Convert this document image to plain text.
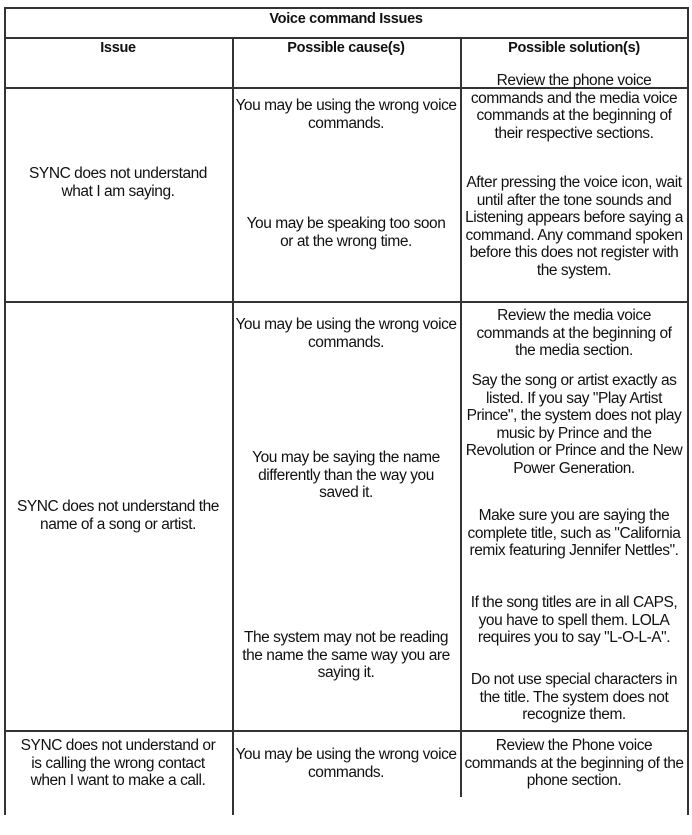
Voice command Issues
Issue	Possible cause(s)	Possible solution(s)
SYNC does not understand what I am saying.
You may be using the wrong voice commands.
You may be speaking too soon or at the wrong time.
Review the phone voice commands and the media voice commands at the beginning of their respective sections.
After pressing the voice icon, wait until after the tone sounds and Listening appears before saying a command. Any command spoken before this does not register with the system.
SYNC does not understand the name of a song or artist.
You may be using the wrong voice commands.
You may be saying the name differently than the way you saved it.
The system may not be reading the name the same way you are saying it.
Review the media voice commands at the beginning of the media section.
Say the song or artist exactly as listed. If you say "Play Artist Prince", the system does not play music by Prince and the Revolution or Prince and the New Power Generation.
Make sure you are saying the complete title, such as "California remix featuring Jennifer Nettles".
If the song titles are in all CAPS, you have to spell them. LOLA requires you to say "L-O-L-A".
Do not use special characters in the title. The system does not recognize them.
SYNC does not understand or is calling the wrong contact when I want to make a call.
You may be using the wrong voice commands.
Review the Phone voice commands at the beginning of the phone section.
